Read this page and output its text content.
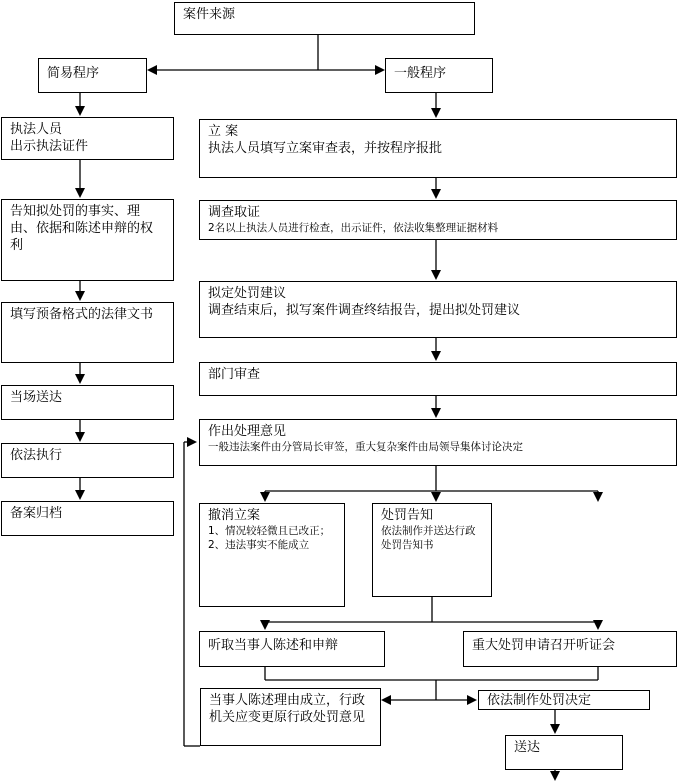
案件来源
简易程序
执法人员
出示执法证件
告知拟处罚的事实、理由、依据和陈述申辩的权利
填写预备格式的法律文书
当场送达
依法执行
备案归档
一般程序
立 案
执法人员填写立案审查表，并按程序报批
调查取证
2名以上执法人员进行检查，出示证件，依法收集整理证据材料
拟定处罚建议
调查结束后，拟写案件调查终结报告，提出拟处罚建议
部门审查
作出处理意见
一般违法案件由分管局长审签，重大复杂案件由局领导集体讨论决定
撤消立案
1、情况较轻微且已改正；
2、违法事实不能成立
处罚告知
依法制作并送达行政处罚告知书
听取当事人陈述和申辩	重大处罚申请召开听证会
当事人陈述理由成立，行政机关应变更原行政处罚意见
依法制作处罚决定
送达
